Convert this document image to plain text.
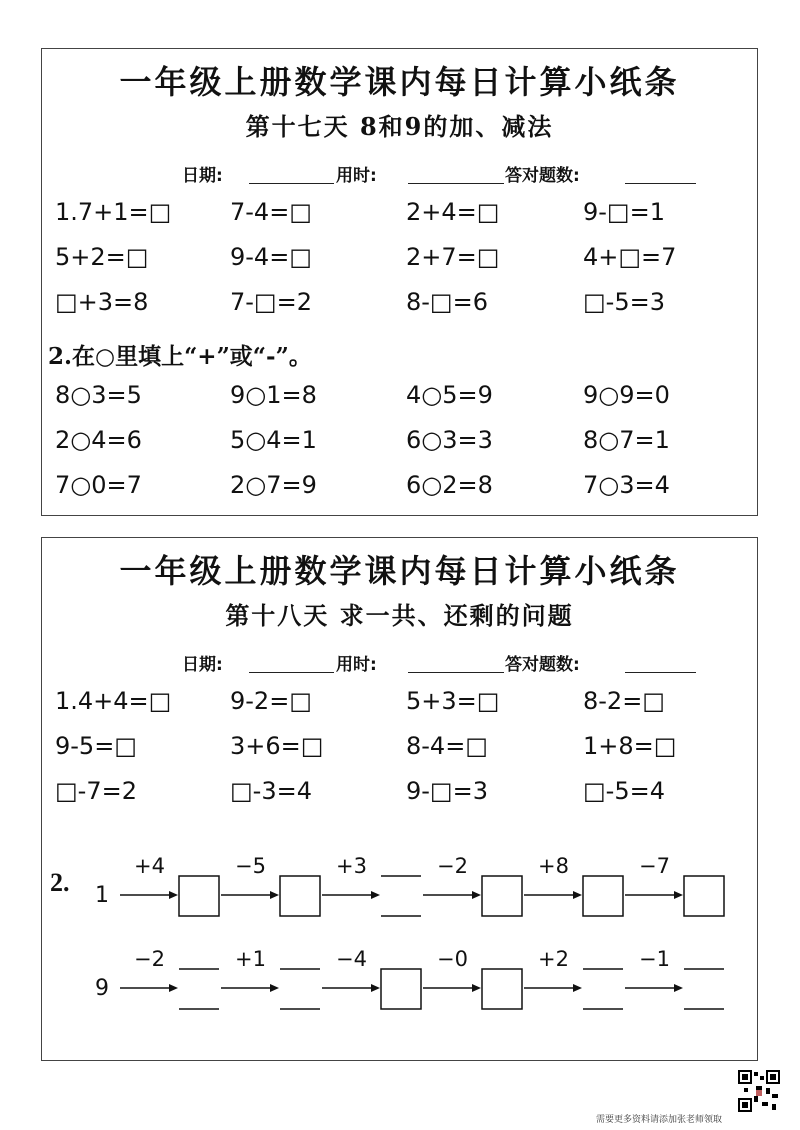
一年级上册数学课内每日计算小纸条
第十七天 8和9的加、减法
日期:	用时:	答对题数:
1.7+1=□ 7-4=□	2+4=□	9-□=1
5+2=□	9-4=□	2+7=□	4+□=7
□+3=8	7-□=2	8-□=6	□-5=3
2.在○里填上“+”或“-”。
8○3=5	9○1=8	4○5=9	9○9=0
2○4=6	5○4=1	6○3=3	8○7=1
7○0=7	2○7=9	6○2=8	7○3=4
一年级上册数学课内每日计算小纸条
第十八天 求一共、还剩的问题
日期:	用时:	答对题数:
1.4+4=□ 9-2=□	5+3=□	8-2=□
9-5=□	3+6=□	8-4=□	1+8=□
□-7=2	□-3=4	9-□=3	□-5=4
2. 1
+4	−5	+3	−2	+8	−7
9
−2	+1	−4	−0	+2	−1
需要更多资料请添加张老师领取
